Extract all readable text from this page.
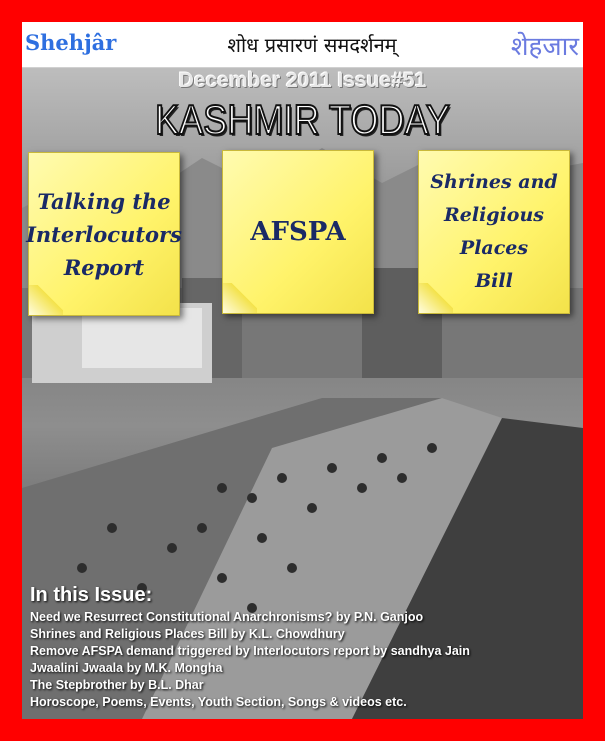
Shehjâr	शोध प्रसारणं समदर्शनम्	शेहजार
December 2011 Issue#51
KASHMIR TODAY
Talking the
Interlocutors
Report
AFSPA
Shrines and
Religious
Places
Bill
In this Issue:
Need we Resurrect Constitutional Anarchronisms? by P.N. Ganjoo
Shrines and Religious Places Bill by K.L. Chowdhury
Remove AFSPA demand triggered by Interlocutors report by sandhya Jain
Jwaalini Jwaala by M.K. Mongha
The Stepbrother by B.L. Dhar
Horoscope, Poems, Events, Youth Section, Songs & videos etc.
